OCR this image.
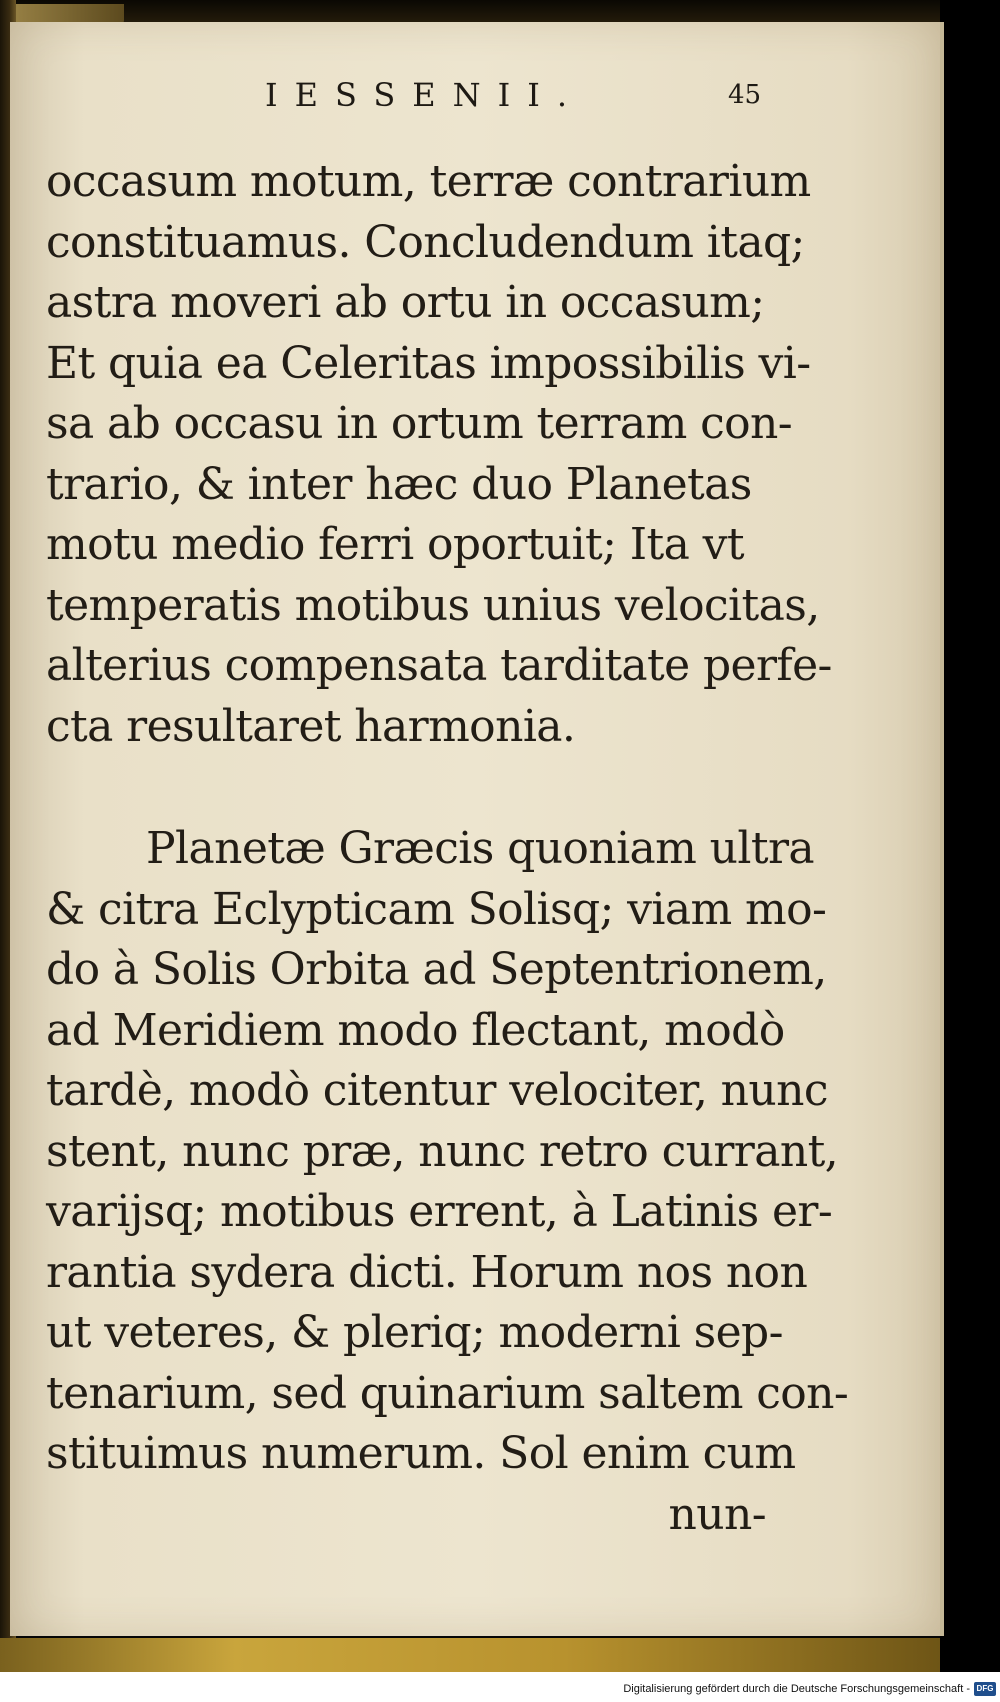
IESSENII.	45
occasum motum, terræ contrarium
constituamus. Concludendum itaq;
astra moveri ab ortu in occasum;
Et quia ea Celeritas impossibilis vi-
sa ab occasu in ortum terram con-
trario, & inter hæc duo Planetas
motu medio ferri oportuit; Ita vt
temperatis motibus unius velocitas,
alterius compensata tarditate perfe-
cta resultaret harmonia.
Planetæ Græcis quoniam ultra
& citra Eclypticam Solisq; viam mo-
do à Solis Orbita ad Septentrionem,
ad Meridiem modo flectant, modò
tardè, modò citentur velociter, nunc
stent, nunc præ, nunc retro currant,
varijsq; motibus errent, à Latinis er-
rantia sydera dicti. Horum nos non
ut veteres, & pleriq; moderni sep-
tenarium, sed quinarium saltem con-
stituimus numerum. Sol enim cum
nun-
Digitalisierung gefördert durch die Deutsche Forschungsgemeinschaft - DFG
